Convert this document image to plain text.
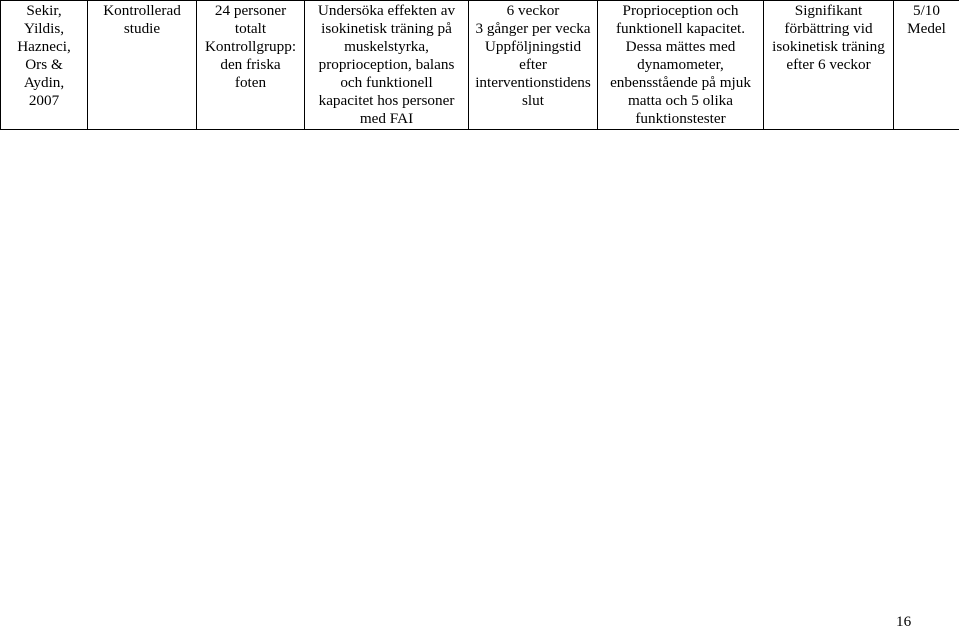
Sekir,
Yildis,
Hazneci,
Ors &
Aydin,
2007

Kontrollerad
studie

24 personer
totalt
Kontrollgrupp:
den friska
foten

Undersöka effekten av
isokinetisk träning på
muskelstyrka,
proprioception, balans
och funktionell
kapacitet hos personer
med FAI

6 veckor
3 gånger per vecka
Uppföljningstid
efter
interventionstidens
slut

Proprioception och
funktionell kapacitet.
Dessa mättes med
dynamometer,
enbensstående på mjuk
matta och 5 olika
funktionstester

Signifikant
förbättring vid
isokinetisk träning
efter 6 veckor

5/10
Medel
16
